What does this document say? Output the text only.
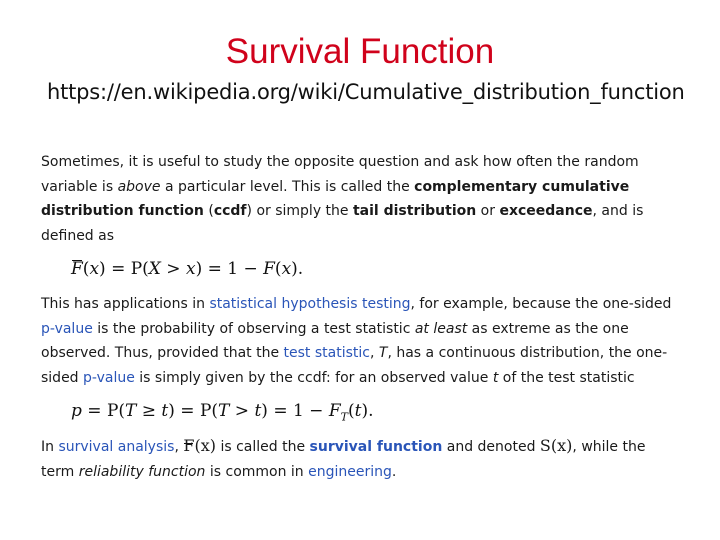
Survival Function
https://en.wikipedia.org/wiki/Cumulative_distribution_function

Sometimes, it is useful to study the opposite question and ask how often the random variable is above a particular level. This is called the complementary cumulative distribution function (ccdf) or simply the tail distribution or exceedance, and is defined as

F(x) = P(X > x) = 1 − F(x).

This has applications in statistical hypothesis testing, for example, because the one-sided p-value is the probability of observing a test statistic at least as extreme as the one observed. Thus, provided that the test statistic, T, has a continuous distribution, the one-sided p-value is simply given by the ccdf: for an observed value t of the test statistic

$p = P(T \ge t) = P(T > t) = 1 - F_T(t)$.

In survival analysis, F(x) is called the survival function and denoted S(x), while the term reliability function is common in engineering.
